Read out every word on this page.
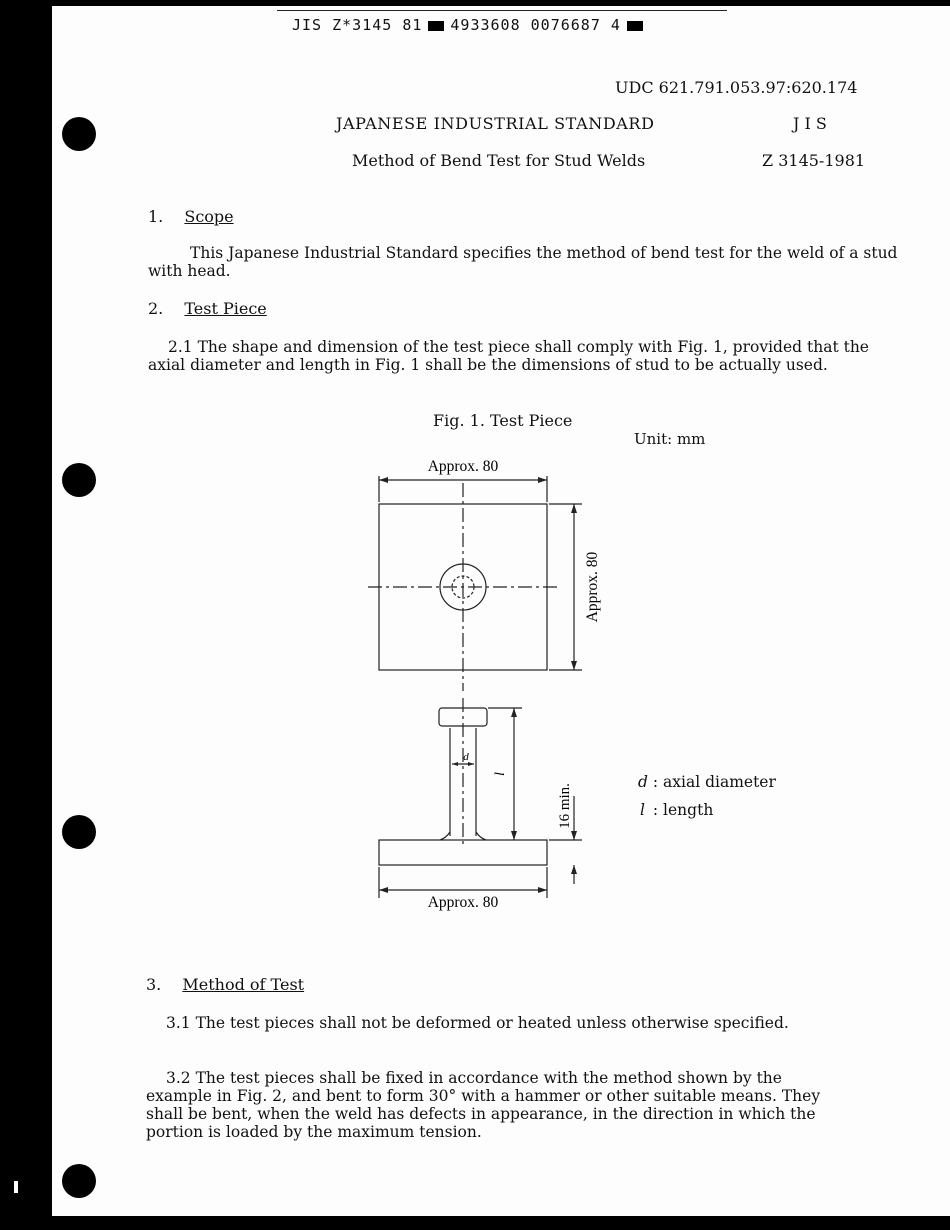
JIS Z*3145 81 4933608 0076687 4
UDC 621.791.053.97:620.174
JAPANESE INDUSTRIAL STANDARD	J I S
Method of Bend Test for Stud Welds	Z 3145-1981
1. Scope

This Japanese Industrial Standard specifies the method of bend test for the weld of a stud with head.

2. Test Piece

2.1 The shape and dimension of the test piece shall comply with Fig. 1, provided that the axial diameter and length in Fig. 1 shall be the dimensions of stud to be actually used.

Fig. 1. Test Piece
Unit: mm
Approx. 80
Approx. 80
16 min.
d
l
Approx. 80
d : axial diameter
l : length
3. Method of Test

3.1 The test pieces shall not be deformed or heated unless otherwise specified.

3.2 The test pieces shall be fixed in accordance with the method shown by the example in Fig. 2, and bent to form 30° with a hammer or other suitable means. They shall be bent, when the weld has defects in appearance, in the direction in which the portion is loaded by the maximum tension.
